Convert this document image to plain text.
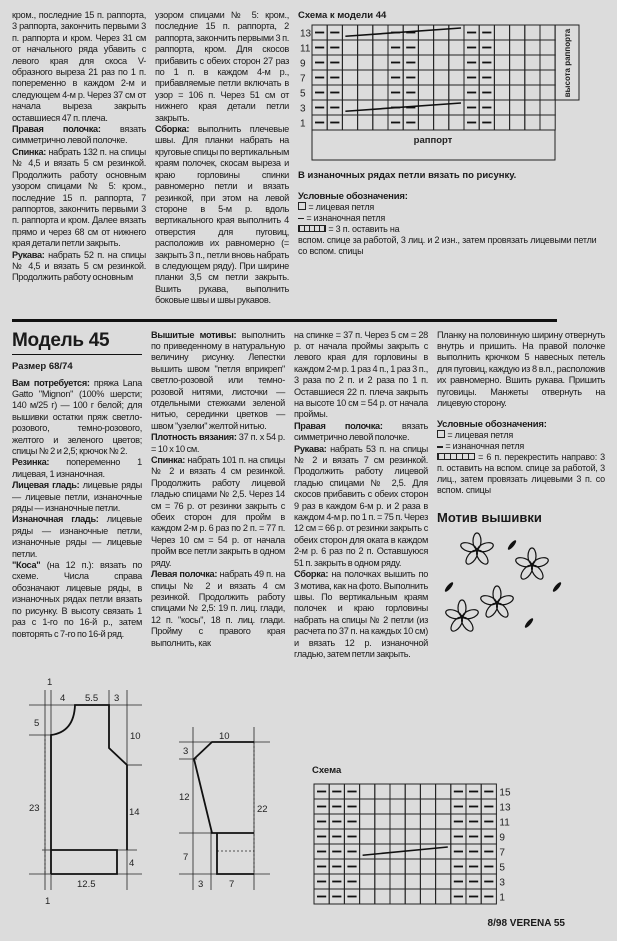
кром., последние 15 п. раппорта, 3 раппорта, закончить первыми 3 п. раппорта и кром. Через 31 см от начального ряда убавить с левого края для скоса V-образного выреза 21 раз по 1 п. попеременно в каждом 2-м и следующем 4-м р. Через 37 см от начала выреза закрыть оставшиеся 47 п. плеча.

Правая полочка: вязать симметрично левой полочке.

Спинка: набрать 132 п. на спицы № 4,5 и вязать 5 см резинкой. Продолжить работу основным узором спицами № 5: кром., последние 15 п. раппорта, 7 раппортов, закончить первыми 3 п. раппорта и кром. Далее вязать прямо и через 68 см от нижнего края детали петли закрыть.

Рукава: набрать 52 п. на спицы № 4,5 и вязать 5 см резинкой. Продолжить работу основным

узором спицами № 5: кром., последние 15 п. раппорта, 2 раппорта, закончить первыми 3 п. раппорта, кром. Для скосов прибавить с обеих сторон 27 раз по 1 п. в каждом 4-м р., прибавляемые петли включать в узор = 106 п. Через 51 см от нижнего края детали петли закрыть.

Сборка: выполнить плечевые швы. Для планки набрать на круговые спицы по вертикальным краям полочек, скосам выреза и краю горловины спинки равномерно петли и вязать резинкой, при этом на левой стороне в 5-м р. вдоль вертикального края выполнить 4 отверстия для пуговиц, расположив их равномерно (= закрыть 3 п., петли вновь набрать в следующем ряду). При ширине планки 3,5 см петли закрыть. Вшить рукава, выполнить боковые швы и швы рукавов.

Схема к модели 44
13
11
9
7
5
3
1
раппорт
высота раппорта
В изнаночных рядах петли вязать по рисунку.
Условные обозначения:
= лицевая петля
= изнаночная петля
= 3 п. оставить на
вспом. спице за работой, 3 лиц. и 2 изн., затем провязать лицевыми петли со вспом. спицы
Модель 45
Размер 68/74

Вам потребуется: пряжа Lana Gatto "Mignon" (100% шерсти; 140 м/25 г) — 100 г белой; для вышивки остатки пряж светло-розового, темно-розового, желтого и зеленого цветов; спицы № 2 и 2,5; крючок № 2.

Резинка: попеременно 1 лицевая, 1 изнаночная.

Лицевая гладь: лицевые ряды — лицевые петли, изнаночные ряды — изнаночные петли.

Изнаночная гладь: лицевые ряды — изнаночные петли, изнаночные ряды — лицевые петли.

"Коса" (на 12 п.): вязать по схеме. Числа справа обозначают лицевые ряды, в изнаночных рядах петли вязать по рисунку. В высоту связать 1 раз с 1-го по 16-й р., затем повторять с 7-го по 16-й ряд.

Вышитые мотивы: выполнить по приведенному в натуральную величину рисунку. Лепестки вышить швом "петля вприкреп" светло-розовой или темно-розовой нитями, листочки — отдельными стежками зеленой нитью, серединки цветков — швом "узелки" желтой нитью.

Плотность вязания: 37 п. x 54 р. = 10 x 10 см.

Спинка: набрать 101 п. на спицы № 2 и вязать 4 см резинкой. Продолжить работу лицевой гладью спицами № 2,5. Через 14 см = 76 р. от резинки закрыть с обеих сторон для пройм в каждом 2-м р. 6 раз по 2 п. = 77 п. Через 10 см = 54 р. от начала пройм все петли закрыть в одном ряду.

Левая полочка: набрать 49 п. на спицы № 2 и вязать 4 см резинкой. Продолжить работу спицами № 2,5: 19 п. лиц. глади, 12 п. "косы", 18 п. лиц. глади. Пройму с правого края выполнить, как

на спинке = 37 п. Через 5 см = 28 р. от начала проймы закрыть с левого края для горловины в каждом 2-м р. 1 раз 4 п., 1 раз 3 п., 3 раза по 2 п. и 2 раза по 1 п. Оставшиеся 22 п. плеча закрыть на высоте 10 см = 54 р. от начала проймы.

Правая полочка: вязать симметрично левой полочке.

Рукава: набрать 53 п. на спицы № 2 и вязать 7 см резинкой. Продолжить работу лицевой гладью спицами № 2,5. Для скосов прибавить с обеих сторон 9 раз в каждом 6-м р. и 2 раза в каждом 4-м р. по 1 п. = 75 п. Через 12 см = 66 р. от резинки закрыть с обеих сторон для оката в каждом 2-м р. 6 раз по 2 п. Оставшуюся 51 п. закрыть в одном ряду.

Сборка: на полочках вышить по 3 мотива, как на фото. Выполнить швы. По вертикальным краям полочек и краю горловины набрать на спицы № 2 петли (из расчета по 37 п. на каждых 10 см) и вязать 12 р. изнаночной гладью, затем петли закрыть.

Планку на половинную ширину отвернуть внутрь и пришить. На правой полочке выполнить крючком 5 навесных петель для пуговиц, каждую из 8 в.п., расположив их равномерно. Вшить рукава. Пришить пуговицы. Манжеты отвернуть на лицевую сторону.

Условные обозначения:
= лицевая петля
= изнаночная петля
= 6 п. перекрестить направо: 3 п. оставить на вспом. спице за работой, 3 лиц., затем провязать лицевыми 3 п. со вспом. спицы
Мотив вышивки
1
4 5.5 3
5
10
23	14
4
12.5
1
10
3
12
22
7
3	7
Схема
15
13
11
9
7
5
3
1
8/98 VERENA 55
